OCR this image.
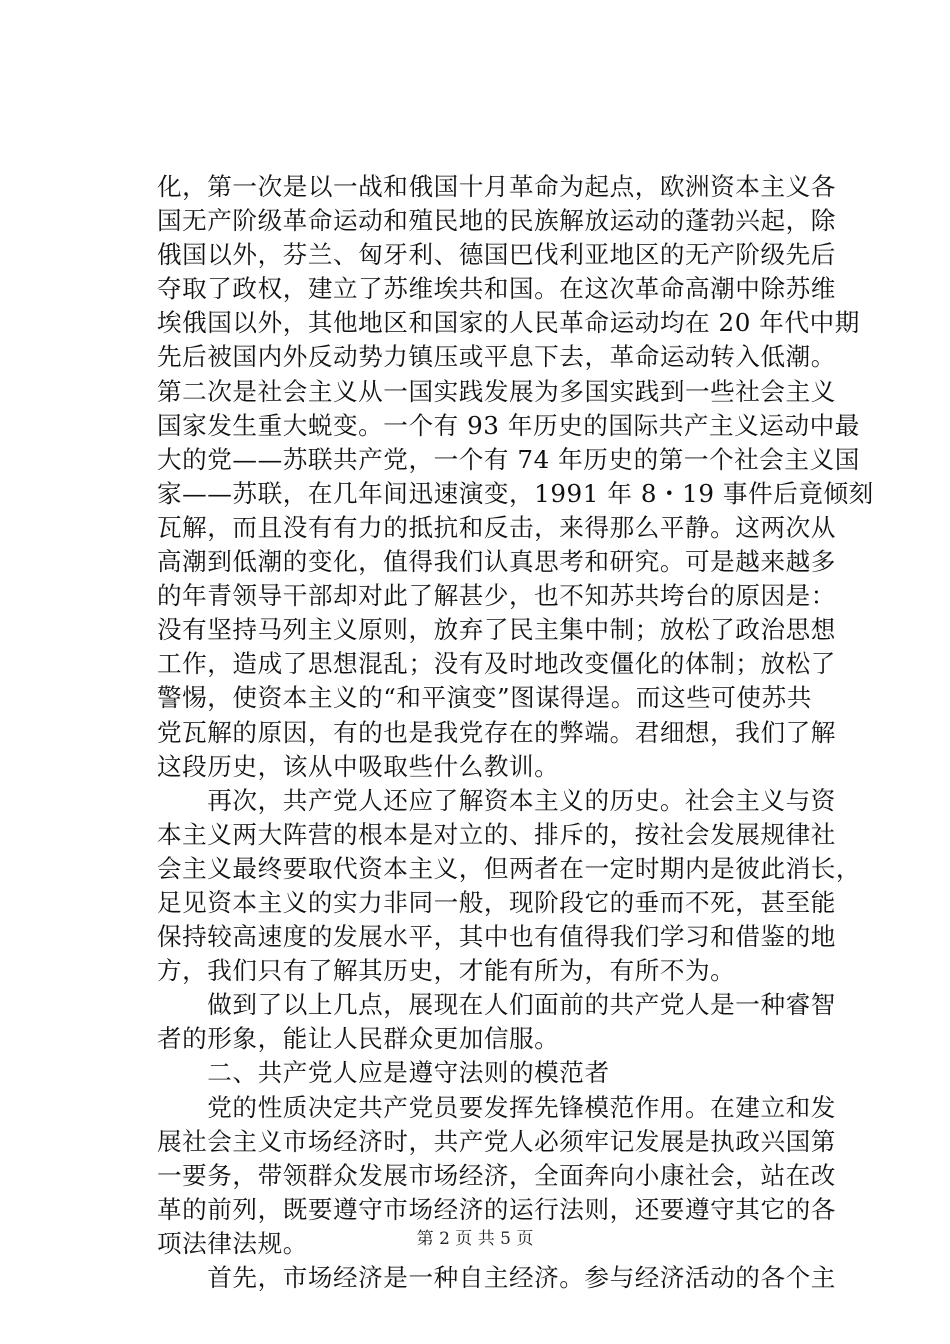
化，第一次是以一战和俄国十月革命为起点，欧洲资本主义各
国无产阶级革命运动和殖民地的民族解放运动的蓬勃兴起，除
俄国以外，芬兰、匈牙利、德国巴伐利亚地区的无产阶级先后
夺取了政权，建立了苏维埃共和国。在这次革命高潮中除苏维
埃俄国以外，其他地区和国家的人民革命运动均在 20 年代中期
先后被国内外反动势力镇压或平息下去，革命运动转入低潮。
第二次是社会主义从一国实践发展为多国实践到一些社会主义
国家发生重大蜕变。一个有 93 年历史的国际共产主义运动中最
大的党——苏联共产党，一个有 74 年历史的第一个社会主义国
家——苏联，在几年间迅速演变，1991 年 8・19 事件后竟倾刻
瓦解，而且没有有力的抵抗和反击，来得那么平静。这两次从
高潮到低潮的变化，值得我们认真思考和研究。可是越来越多
的年青领导干部却对此了解甚少，也不知苏共垮台的原因是：
没有坚持马列主义原则，放弃了民主集中制；放松了政治思想
工作，造成了思想混乱；没有及时地改变僵化的体制；放松了
警惕，使资本主义的“和平演变”图谋得逞。而这些可使苏共
党瓦解的原因，有的也是我党存在的弊端。君细想，我们了解
这段历史，该从中吸取些什么教训。
　　再次，共产党人还应了解资本主义的历史。社会主义与资
本主义两大阵营的根本是对立的、排斥的，按社会发展规律社
会主义最终要取代资本主义，但两者在一定时期内是彼此消长，
足见资本主义的实力非同一般，现阶段它的垂而不死，甚至能
保持较高速度的发展水平，其中也有值得我们学习和借鉴的地
方，我们只有了解其历史，才能有所为，有所不为。
　　做到了以上几点，展现在人们面前的共产党人是一种睿智
者的形象，能让人民群众更加信服。
　　二、共产党人应是遵守法则的模范者
　　党的性质决定共产党员要发挥先锋模范作用。在建立和发
展社会主义市场经济时，共产党人必须牢记发展是执政兴国第
一要务，带领群众发展市场经济，全面奔向小康社会，站在改
革的前列，既要遵守市场经济的运行法则，还要遵守其它的各
项法律法规。
　　首先，市场经济是一种自主经济。参与经济活动的各个主
第 2 页 共 5 页
